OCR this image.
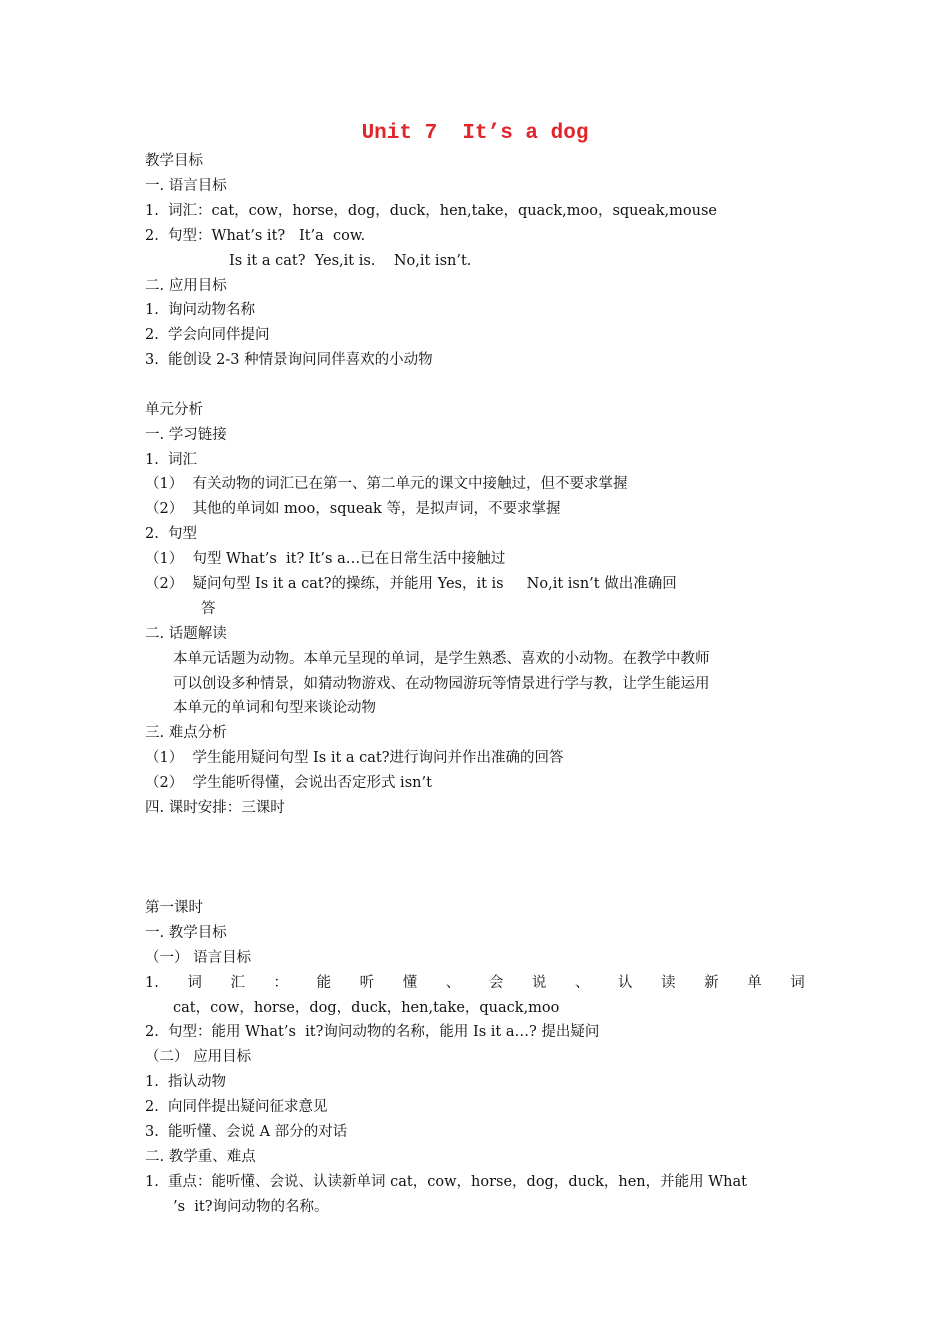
Unit 7  It’s a dog
教学目标
一. 语言目标
1.  词汇：cat，cow，horse，dog，duck，hen,take，quack,moo，squeak,mouse
2.  句型：What’s it?   It’a  cow.
Is it a cat?  Yes,it is.    No,it isn’t.
二. 应用目标
1.  询问动物名称
2.  学会向同伴提问
3.  能创设 2-3 种情景询问同伴喜欢的小动物
单元分析
一. 学习链接
1.  词汇
（1）  有关动物的词汇已在第一、第二单元的课文中接触过，但不要求掌握
（2）  其他的单词如 moo，squeak 等，是拟声词，不要求掌握
2.  句型
（1）  句型 What’s  it? It’s a…已在日常生活中接触过
（2）  疑问句型 Is it a cat?的操练，并能用 Yes，it is     No,it isn’t 做出准确回
答
二. 话题解读
本单元话题为动物。本单元呈现的单词，是学生熟悉、喜欢的小动物。在教学中教师
可以创设多种情景，如猜动物游戏、在动物园游玩等情景进行学与教，让学生能运用
本单元的单词和句型来谈论动物
三. 难点分析
（1）  学生能用疑问句型 Is it a cat?进行询问并作出准确的回答
（2）  学生能听得懂，会说出否定形式 isn’t
四. 课时安排：三课时
第一课时
一. 教学目标
（一） 语言目标
1. 词 汇 ： 能 听 懂 、 会 说 、 认 读 新 单 词
cat，cow，horse，dog，duck，hen,take，quack,moo
2.  句型：能用 What’s  it?询问动物的名称，能用 Is it a…? 提出疑问
（二） 应用目标
1.  指认动物
2.  向同伴提出疑问征求意见
3.  能听懂、会说 A 部分的对话
二. 教学重、难点
1.  重点：能听懂、会说、认读新单词 cat，cow，horse，dog，duck，hen，并能用 What
’s  it?询问动物的名称。
